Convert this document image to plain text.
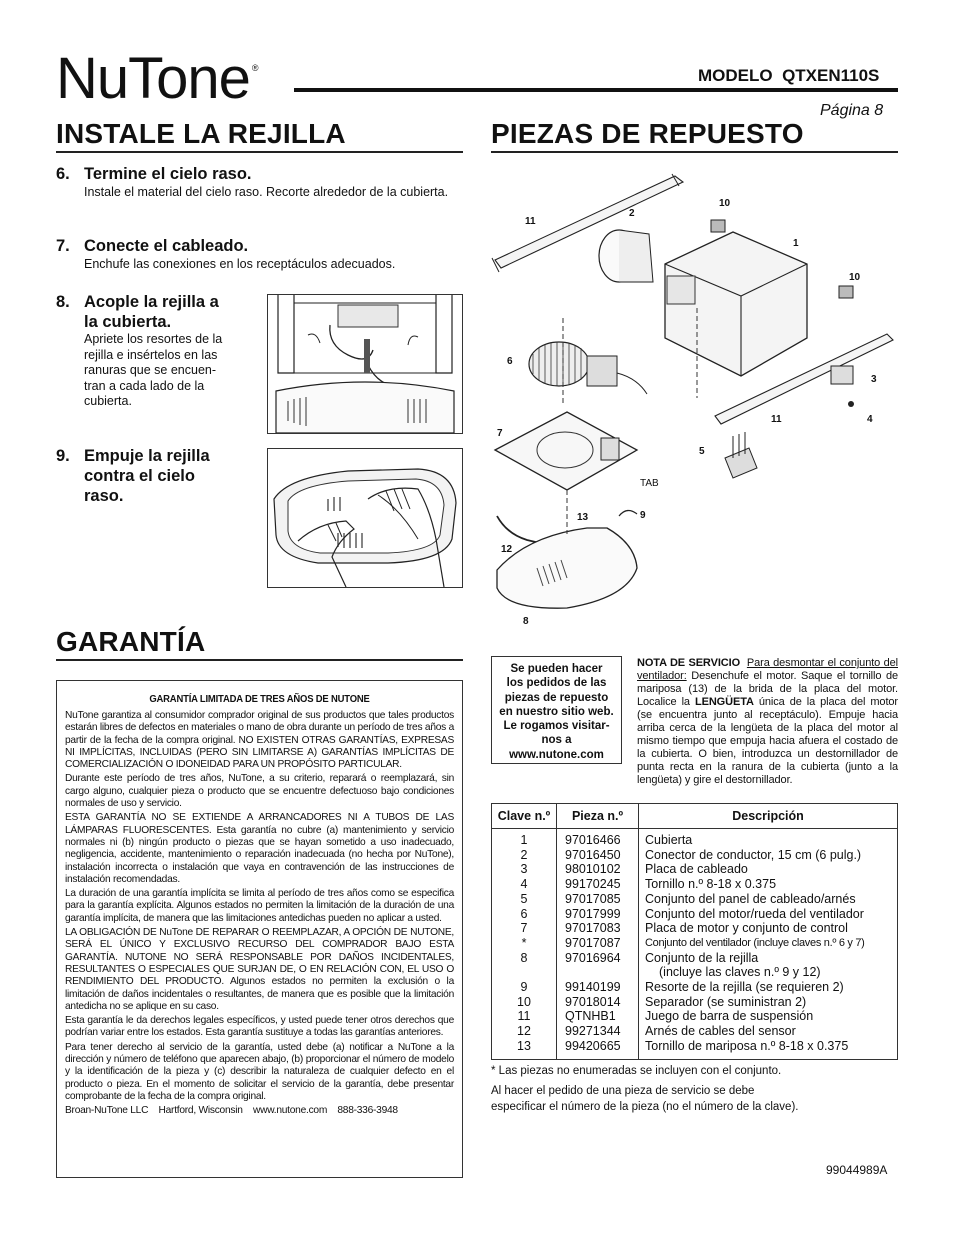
NuTone ®	MODELO QTXEN110S
Página 8
INSTALE LA REJILLA
6. Termine el cielo raso.
Instale el material del cielo raso. Recorte alrededor de la cubierta.
7. Conecte el cableado.
Enchufe las conexiones en los receptáculos adecuados.
8. Acople la rejilla a
la cubierta.
Apriete los resortes de la
rejilla e insértelos en las
ranuras que se encuen-
tran a cada lado de la
cubierta.
9. Empuje la rejilla
contra el cielo
raso.
PIEZAS DE REPUESTO
11
2
10
1
10
6
3
11	4
7
5
TAB
9
13
12
8
GARANTÍA
GARANTÍA LIMITADA DE TRES AÑOS DE NUTONE
NuTone garantiza al consumidor comprador original de sus productos que tales productos estarán libres de defectos en materiales o mano de obra durante un período de tres años a partir de la fecha de la compra original. NO EXISTEN OTRAS GARANTÍAS, EXPRESAS NI IMPLÍCITAS, INCLUIDAS (PERO SIN LIMITARSE A) GARANTÍAS IMPLÍCITAS DE COMERCIALIZACIÓN O IDONEIDAD PARA UN PROPÓSITO PARTICULAR.
Durante este período de tres años, NuTone, a su criterio, reparará o reemplazará, sin cargo alguno, cualquier pieza o producto que se encuentre defectuoso bajo condiciones normales de uso y servicio.
ESTA GARANTÍA NO SE EXTIENDE A ARRANCADORES NI A TUBOS DE LAS LÁMPARAS FLUORESCENTES. Esta garantía no cubre (a) mantenimiento y servicio normales ni (b) ningún producto o piezas que se hayan sometido a uso inadecuado, negligencia, accidente, mantenimiento o reparación inadecuada (no hecha por NuTone), instalación incorrecta o instalación que vaya en contravención de las instrucciones de instalación recomendadas.
La duración de una garantía implícita se limita al período de tres años como se especifica para la garantía explícita. Algunos estados no permiten la limitación de la duración de una garantía implícita, de manera que las limitaciones antedichas pueden no aplicar a usted.
LA OBLIGACIÓN DE NuTone DE REPARAR O REEMPLAZAR, A OPCIÓN DE NUTONE, SERÁ EL ÚNICO Y EXCLUSIVO RECURSO DEL COMPRADOR BAJO ESTA GARANTÍA. NUTONE NO SERÁ RESPONSABLE POR DAÑOS INCIDENTALES, RESULTANTES O ESPECIALES QUE SURJAN DE, O EN RELACIÓN CON, EL USO O RENDIMIENTO DEL PRODUCTO. Algunos estados no permiten la exclusión o la limitación de daños incidentales o resultantes, de manera que es posible que la limitación antedicha no se aplique en su caso.
Esta garantía le da derechos legales específicos, y usted puede tener otros derechos que podrían variar entre los estados. Esta garantía sustituye a todas las garantías anteriores.
Para tener derecho al servicio de la garantía, usted debe (a) notificar a NuTone a la dirección y número de teléfono que aparecen abajo, (b) proporcionar el número de modelo y la identificación de la pieza y (c) describir la naturaleza de cualquier defecto en el producto o pieza. En el momento de solicitar el servicio de la garantía, debe presentar comprobante de la fecha de la compra original.
Broan-NuTone LLC    Hartford, Wisconsin    www.nutone.com    888-336-3948
Se pueden hacer
los pedidos de las
piezas de repuesto
en nuestro sitio web.
Le rogamos visitar-
nos a
www.nutone.com
NOTA DE SERVICIO Para desmontar el conjunto del ventilador: Desenchufe el motor. Saque el tornillo de mariposa (13) de la brida de la placa del motor. Localice la LENGÜETA única de la placa del motor (se encuentra junto al receptáculo). Empuje hacia arriba cerca de la lengüeta de la placa del motor al mismo tiempo que empuja hacia afuera el costado de la cubierta. O bien, introduzca un destornillador de punta recta en la ranura de la cubierta (junto a la lengüeta) y gire el destornillador.
Clave n.º	Pieza n.º	Descripción
1	97016466	Cubierta
2	97016450	Conector de conductor, 15 cm (6 pulg.)
3	98010102	Placa de cableado
4	99170245	Tornillo n.º 8-18 x 0.375
5	97017085	Conjunto del panel de cableado/arnés
6	97017999	Conjunto del motor/rueda del ventilador
7	97017083	Placa de motor y conjunto de control
*	97017087	Conjunto del ventilador (incluye claves n.º 6 y 7)
8	97016964	Conjunto de la rejilla
		(incluye las claves n.º 9 y 12)
9	99140199	Resorte de la rejilla (se requieren 2)
10	97018014	Separador (se suministran 2)
11	QTNHB1	Juego de barra de suspensión
12	99271344	Arnés de cables del sensor
13	99420665	Tornillo de mariposa n.º 8-18 x 0.375
* Las piezas no enumeradas se incluyen con el conjunto.
Al hacer el pedido de una pieza de servicio se debe
especificar el número de la pieza (no el número de la clave).
99044989A
